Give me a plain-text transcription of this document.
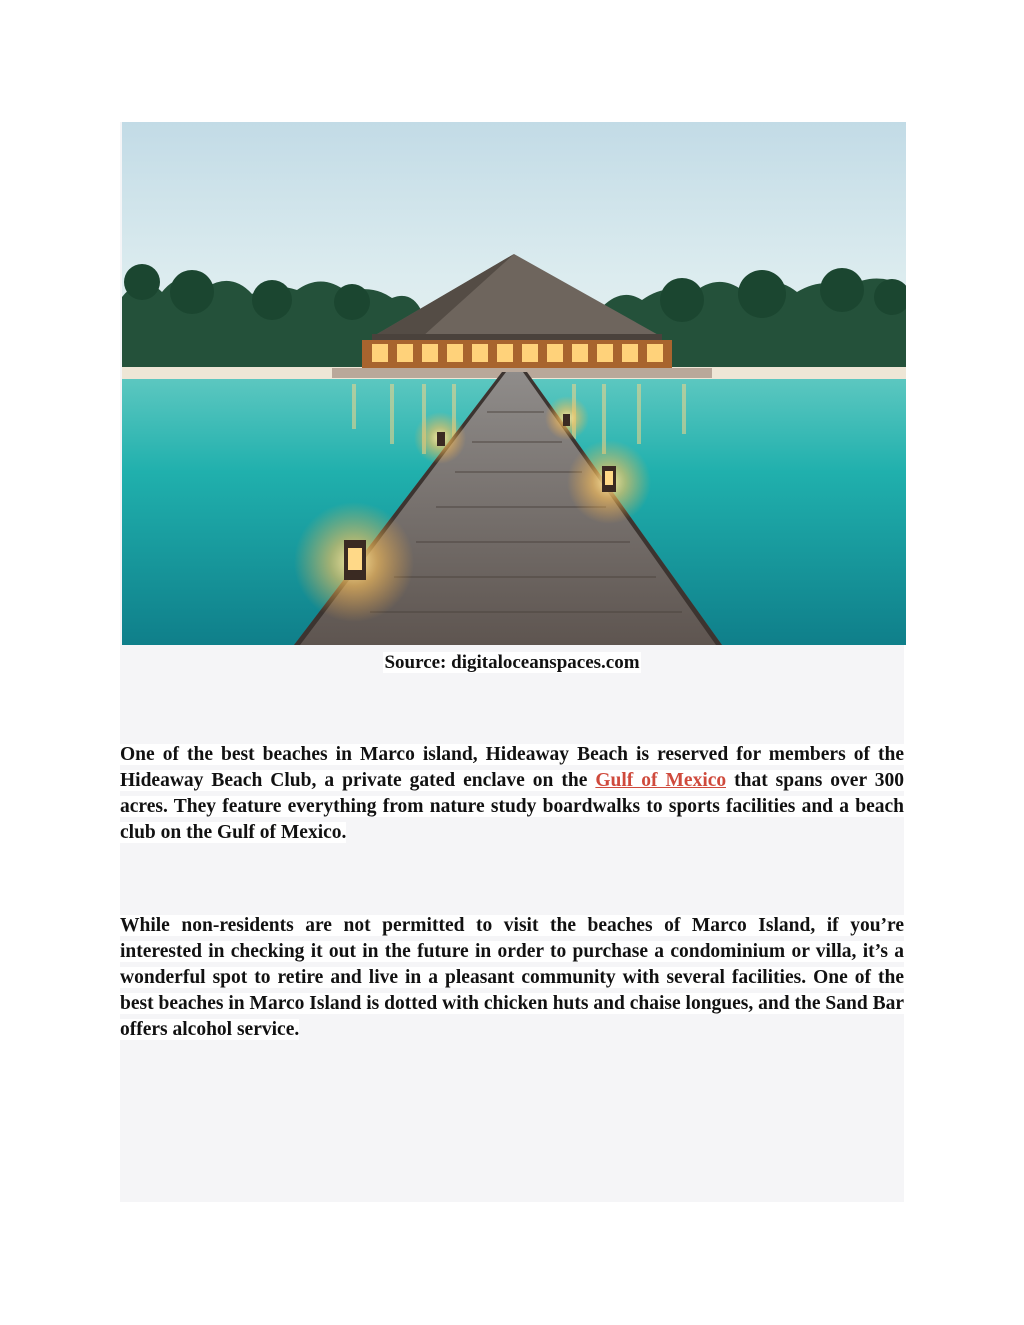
Source: digitaloceanspaces.com

One of the best beaches in Marco island, Hideaway Beach is reserved for members of the Hideaway Beach Club, a private gated enclave on the Gulf of Mexico that spans over 300 acres. They feature everything from nature study boardwalks to sports facilities and a beach club on the Gulf of Mexico.

While non-residents are not permitted to visit the beaches of Marco Island, if you’re interested in checking it out in the future in order to purchase a condominium or villa, it’s a wonderful spot to retire and live in a pleasant community with several facilities. One of the best beaches in Marco Island is dotted with chicken huts and chaise longues, and the Sand Bar offers alcohol service.
